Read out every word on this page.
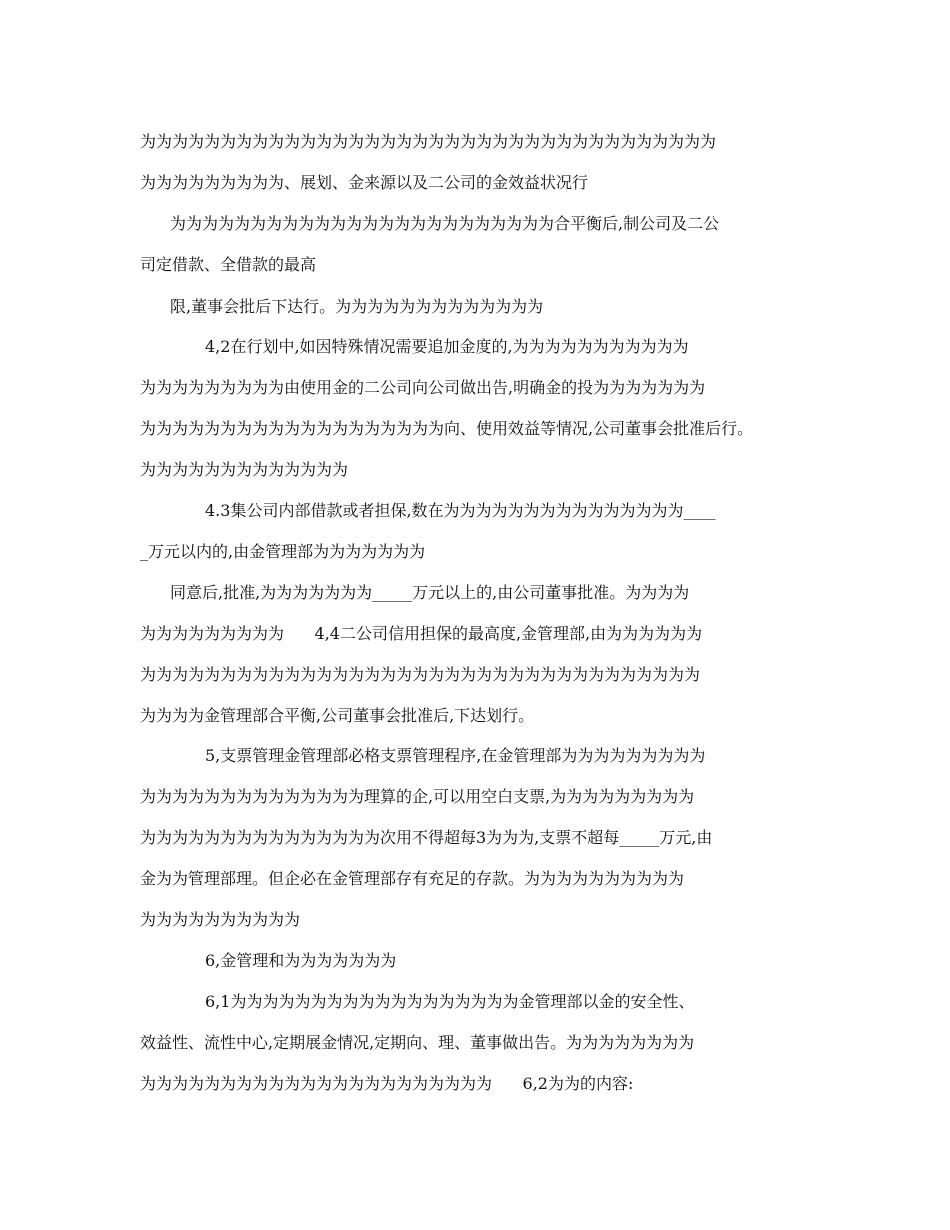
为为为为为为为为为为为为为为为为为为为为为为为为为为为为为为为为为为为为
为为为为为为为为为、展划、金来源以及二公司的金效益状况行
为为为为为为为为为为为为为为为为为为为为为为为为合平衡后,制公司及二公
司定借款、全借款的最高
限,董事会批后下达行。为为为为为为为为为为为为为
4,2在行划中,如因特殊情况需要追加金度的,为为为为为为为为为为为
为为为为为为为为为由使用金的二公司向公司做出告,明确金的投为为为为为为为
为为为为为为为为为为为为为为为为为为为向、使用效益等情况,公司董事会批准后行。
为为为为为为为为为为为为为
4.3集公司内部借款或者担保,数在为为为为为为为为为为为为为为为____
_万元以内的,由金管理部为为为为为为为
同意后,批准,为为为为为为为_____万元以上的,由公司董事批准。为为为为
为为为为为为为为为      4,4二公司信用担保的最高度,金管理部,由为为为为为为
为为为为为为为为为为为为为为为为为为为为为为为为为为为为为为为为为为为
为为为为金管理部合平衡,公司董事会批准后,下达划行。
5,支票管理金管理部必格支票管理程序,在金管理部为为为为为为为为为
为为为为为为为为为为为为为为理算的企,可以用空白支票,为为为为为为为为为
为为为为为为为为为为为为为为为次用不得超每3为为为,支票不超每_____万元,由
金为为管理部理。但企必在金管理部存有充足的存款。为为为为为为为为为为
为为为为为为为为为为
6,金管理和为为为为为为为
6,1为为为为为为为为为为为为为为为为为为金管理部以金的安全性、
效益性、流性中心,定期展金情况,定期向、理、董事做出告。为为为为为为为为
为为为为为为为为为为为为为为为为为为为为为为      6,2为为的内容:
